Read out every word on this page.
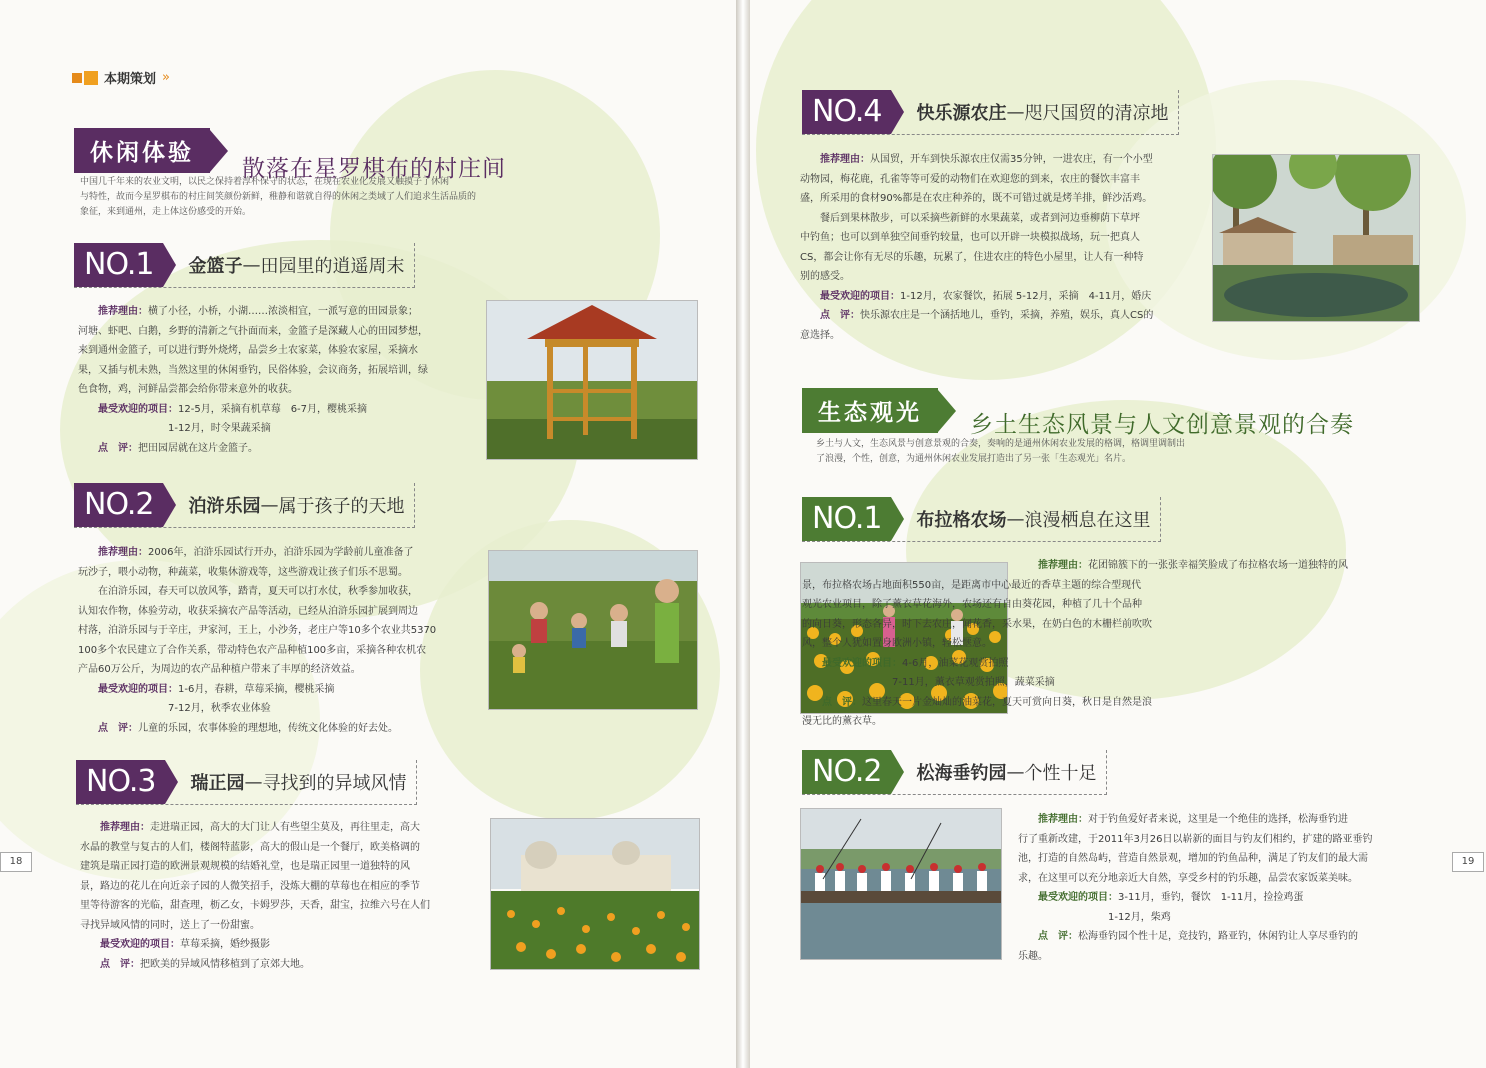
本期策划 »
休闲体验
散落在星罗棋布的村庄间
中国几千年来的农业文明，以民之保持着淳朴保守的状态，在现在农业化发展又触摸子了休闲
与特性，故而今星罗棋布的村庄间笑颜份新鲜，稚静和谐就自得的休闲之类域了人们追求生活品质的
象征，来到通州，走上体这份感受的开始。
NO.1	金篮子 — 田园里的逍遥周末
推荐理由：横了小径，小桥，小湖……浓淡相宜，一派写意的田园景象；
河塘、虾吧、白鹅，乡野的清新之气扑面而来，金篮子是深藏人心的田园梦想，
来到通州金篮子，可以进行野外烧烤，品尝乡土农家菜，体验农家屋，采摘水
果，又插与机未熟，当然这里的休闲垂钓，民俗体验，会议商务，拓展培训，绿
色食物，鸡，河鲜品尝都会给你带来意外的收获。
最受欢迎的项目：12-5月，采摘有机草莓　6-7月，樱桃采摘
1-12月，时令果蔬采摘
点　评：把田园居就在这片金篮子。
NO.2	泊浒乐园 — 属于孩子的天地
推荐理由：2006年，泊浒乐园试行开办，泊浒乐园为学龄前儿童准备了
玩沙子，喂小动物，种蔬菜，收集休游戏等，这些游戏让孩子们乐不思蜀。
在泊浒乐园，春天可以放风筝，踏青，夏天可以打水仗，秋季参加收获，
认知农作物，体验劳动，收获采摘农产品等活动，已经从泊浒乐园扩展到周边
村落，泊浒乐园与于辛庄，尹家河，王上，小沙务，老庄户等10多个农业共5370
100多个农民建立了合作关系，带动特色农产品种植100多亩，采摘各种农机农
产品60万公斤，为周边的农产品种植户带来了丰厚的经济效益。
最受欢迎的项目：1-6月，春耕，草莓采摘，樱桃采摘
7-12月，秋季农业体验
点　评：儿童的乐园，农事体验的理想地，传统文化体验的好去处。
NO.3	瑞正园 — 寻找到的异域风情
推荐理由：走进瑞正园，高大的大门让人有些望尘莫及，再往里走，高大
水晶的教堂与复古的人们，楼阁特蓝影，高大的假山是一个餐厅，欧美格调的
建筑是瑞正园打造的欧洲景观规模的结婚礼堂，也是瑞正园里一道独特的风
景，路边的花儿在向近亲子园的人微笑招手，没炼大棚的草莓也在相应的季节
里等待游客的光临，甜查理，枥乙女，卡姆罗莎，天香，甜宝，拉维六号在人们
寻找异域风情的同时，送上了一份甜蜜。
最受欢迎的项目：草莓采摘，婚纱摄影
点　评：把欧美的异域风情移植到了京郊大地。
18
NO.4	快乐源农庄 — 咫尺国贸的清凉地
推荐理由：从国贸，开车到快乐源农庄仅需35分钟，一进农庄，有一个小型
动物园，梅花鹿，孔雀等等可爱的动物们在欢迎您的到来，农庄的餐饮丰富丰
盛，所采用的食材90%都是在农庄种养的，既不可错过就是烤羊排，鲜沙活鸡。
餐后到果林散步，可以采摘些新鲜的水果蔬菜，或者到河边垂柳荫下草坪
中钓鱼；也可以到单独空间垂钓较量，也可以开辟一块模拟战场，玩一把真人
CS，都会让你有无尽的乐趣，玩累了，住进农庄的特色小屋里，让人有一种特
别的感受。
最受欢迎的项目：1-12月，农家餐饮，拓展 5-12月，采摘　4-11月，婚庆
点　评：快乐源农庄是一个涵括地儿，垂钓，采摘，养殖，娱乐，真人CS的
意选择。
生态观光	乡土生态风景与人文创意景观的合奏
乡土与人文，生态风景与创意景观的合奏，奏响的是通州休闲农业发展的格调，格调里调制出
了浪漫，个性，创意，为通州休闲农业发展打造出了另一张「生态观光」名片。
NO.1	布拉格农场 — 浪漫栖息在这里
推荐理由：花团锦簇下的一张张幸福笑脸成了布拉格农场一道独特的风
景，布拉格农场占地面积550亩，是距离市中心最近的香草主题的综合型现代
观光农业项目，除了薰衣草花海外，农场还有自由葵花园，种植了几十个品种
的向日葵，形态各异，时下去农庄，闻花香，采水果，在奶白色的木栅栏前吹吹
风，整个人犹如置身欧洲小镇，轻松惬意。
最受欢迎的项目：4-6月，油菜花观赏拍照
7-11月，薰衣草观赏拍照，蔬菜采摘
点　评：这里春天一片金灿灿的油菜花，夏天可赏向日葵，秋日是自然是浪
漫无比的薰衣草。
NO.2	松海垂钓园 — 个性十足
推荐理由：对于钓鱼爱好者来说，这里是一个绝佳的选择，松海垂钓进
行了重新改建，于2011年3月26日以崭新的面目与钓友们相约，扩建的路亚垂钓
池，打造的自然岛屿，营造自然景观，增加的钓鱼品种，满足了钓友们的最大需
求，在这里可以充分地亲近大自然，享受乡村的钓乐趣，品尝农家饭菜美味。
最受欢迎的项目：3-11月，垂钓，餐饮　1-11月，捡捡鸡蛋
1-12月，柴鸡
点　评：松海垂钓园个性十足，竞技钓，路亚钓，休闲钓让人享尽垂钓的
乐趣。
19
